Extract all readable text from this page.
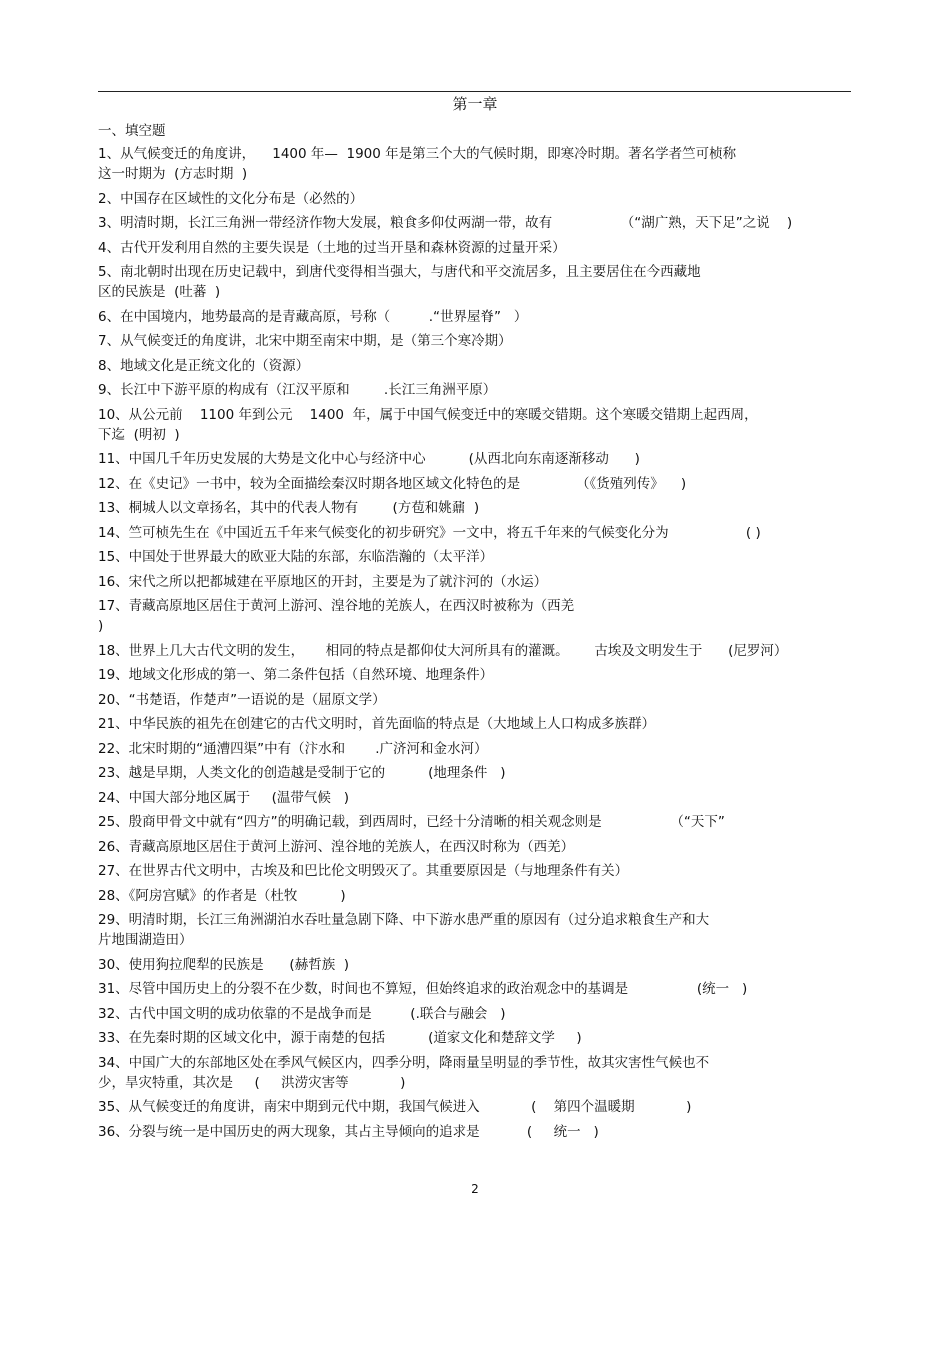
第一章
一、填空题
1、从气候变迁的角度讲，    1400 年—  1900 年是第三个大的气候时期，即寒冷时期。著名学者竺可桢称
这一时期为  (方志时期  )
2、中国存在区域性的文化分布是（必然的）
3、明清时期，长江三角洲一带经济作物大发展，粮食多仰仗两湖一带，故有                （“湖广熟，天下足”之说    )
4、古代开发利用自然的主要失误是（土地的过当开垦和森林资源的过量开采）
5、南北朝时出现在历史记载中，到唐代变得相当强大，与唐代和平交流居多，且主要居住在今西藏地
区的民族是  (吐蕃  )
6、在中国境内，地势最高的是青藏高原，号称（         .“世界屋脊”   ）
7、从气候变迁的角度讲，北宋中期至南宋中期，是（第三个寒冷期）
8、地域文化是正统文化的（资源）
9、长江中下游平原的构成有（江汉平原和        .长江三角洲平原）
10、从公元前    1100 年到公元    1400  年，属于中国气候变迁中的寒暖交错期。这个寒暖交错期上起西周，
下迄  (明初  )
11、中国几千年历史发展的大势是文化中心与经济中心          (从西北向东南逐渐移动      )
12、在《史记》一书中，较为全面描绘秦汉时期各地区域文化特色的是             （《货殖列传》    )
13、桐城人以文章扬名，其中的代表人物有        (方苞和姚鼐  )
14、竺可桢先生在《中国近五千年来气候变化的初步研究》一文中，将五千年来的气候变化分为                  ( )
15、中国处于世界最大的欧亚大陆的东部，东临浩瀚的（太平洋）
16、宋代之所以把都城建在平原地区的开封，主要是为了就汴河的（水运）
17、青藏高原地区居住于黄河上游河、湟谷地的羌族人，在西汉时被称为（西羌
)
18、世界上几大古代文明的发生，     相同的特点是都仰仗大河所具有的灌溉。      古埃及文明发生于      (尼罗河）
19、地域文化形成的第一、第二条件包括（自然环境、地理条件）
20、“书楚语，作楚声”一语说的是（屈原文学）
21、中华民族的祖先在创建它的古代文明时，首先面临的特点是（大地域上人口构成多族群）
22、北宋时期的“通漕四渠”中有（汴水和       .广济河和金水河）
23、越是早期，人类文化的创造越是受制于它的          (地理条件   )
24、中国大部分地区属于     (温带气候   )
25、殷商甲骨文中就有“四方”的明确记载，到西周时，已经十分清晰的相关观念则是                （“天下”
26、青藏高原地区居住于黄河上游河、湟谷地的羌族人，在西汉时称为（西羌）
27、在世界古代文明中，古埃及和巴比伦文明毁灭了。其重要原因是（与地理条件有关）
28、《阿房宫赋》的作者是（杜牧          )
29、明清时期，长江三角洲湖泊水吞吐量急剧下降、中下游水患严重的原因有（过分追求粮食生产和大
片地围湖造田）
30、使用狗拉爬犁的民族是      (赫哲族  )
31、尽管中国历史上的分裂不在少数，时间也不算短，但始终追求的政治观念中的基调是                (统一   )
32、古代中国文明的成功依靠的不是战争而是         (.联合与融会   )
33、在先秦时期的区域文化中，源于南楚的包括          (道家文化和楚辞文学     )
34、中国广大的东部地区处在季风气候区内，四季分明，降雨量呈明显的季节性，故其灾害性气候也不
少，旱灾特重，其次是     (     洪涝灾害等            )
35、从气候变迁的角度讲，南宋中期到元代中期，我国气候进入            (    第四个温暖期            )
36、分裂与统一是中国历史的两大现象，其占主导倾向的追求是           (     统一   )
2
